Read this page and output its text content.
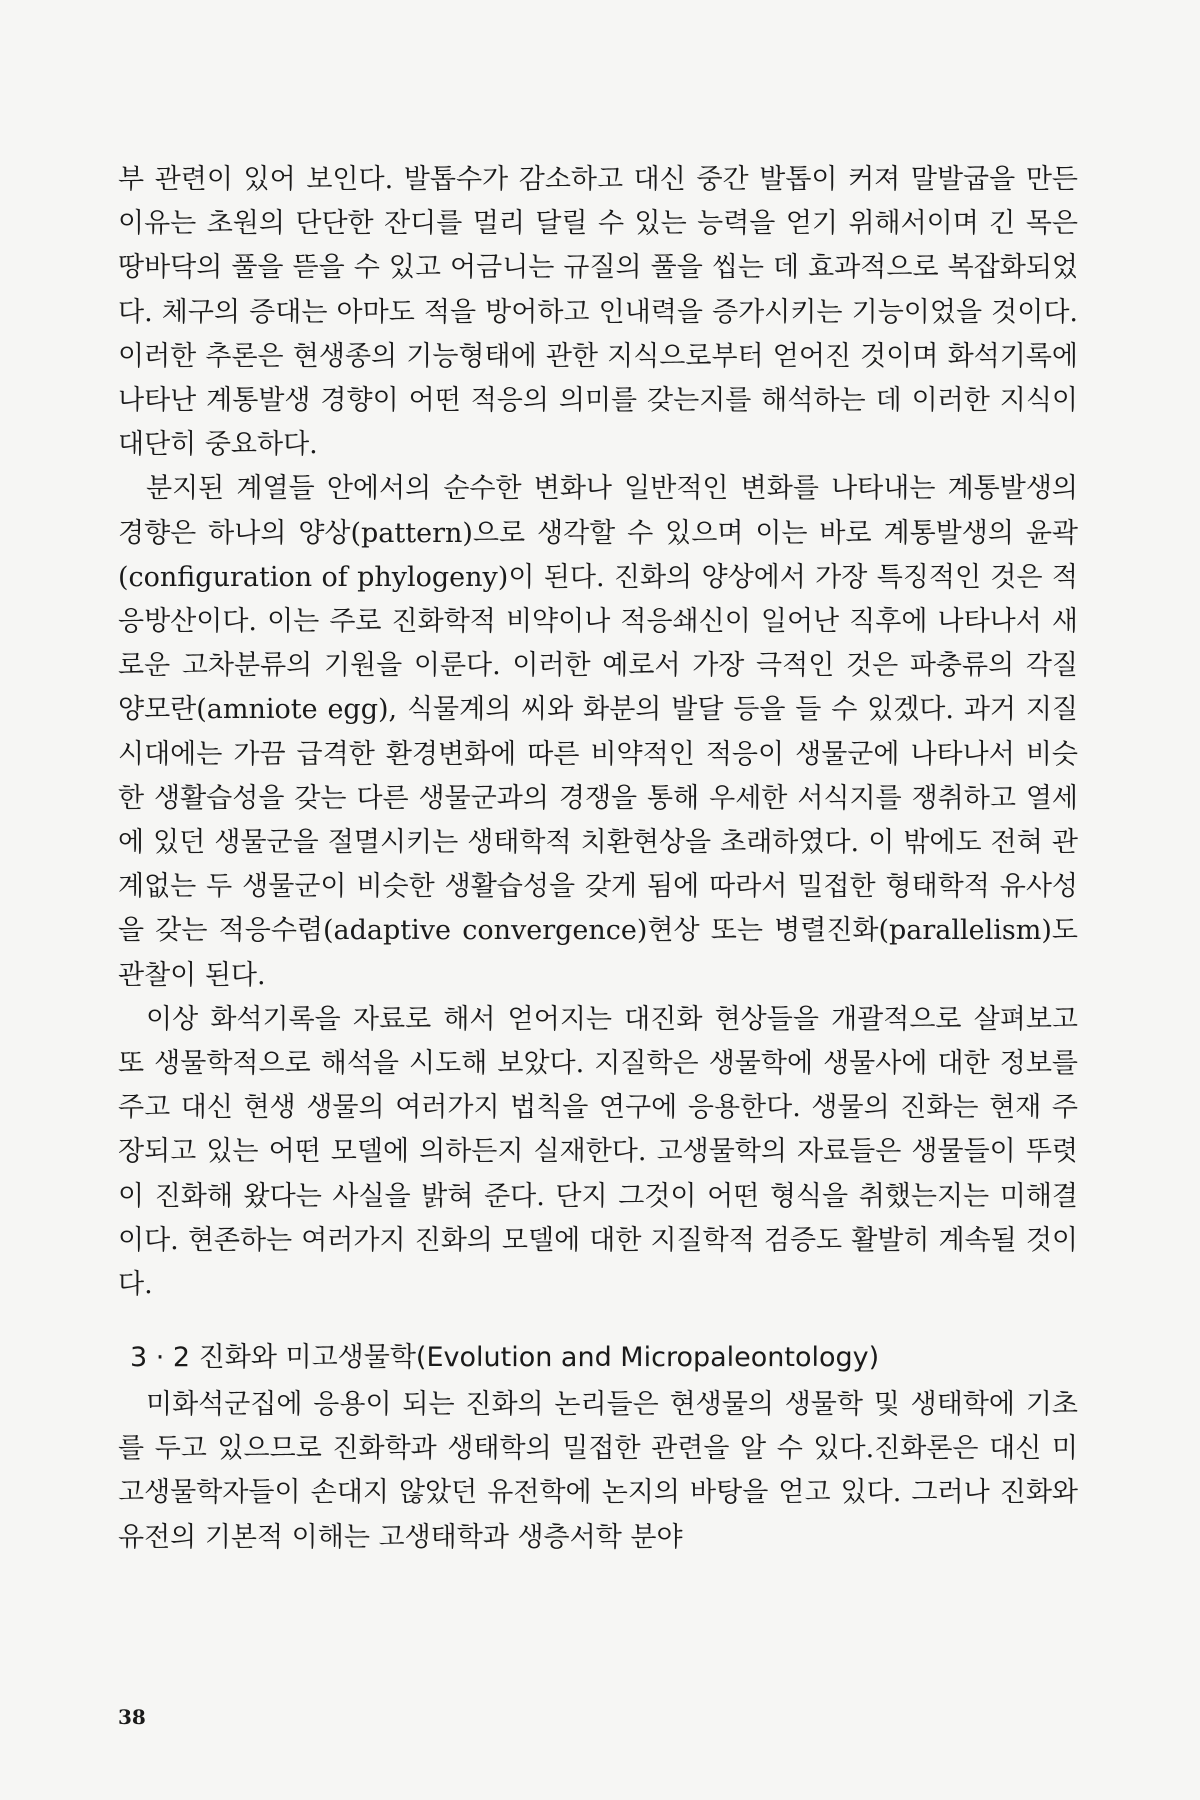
부 관련이 있어 보인다. 발톱수가 감소하고 대신 중간 발톱이 커져 말발굽을 만든 이유는 초원의 단단한 잔디를 멀리 달릴 수 있는 능력을 얻기 위해서이며 긴 목은 땅바닥의 풀을 뜯을 수 있고 어금니는 규질의 풀을 씹는 데 효과적으로 복잡화되었다. 체구의 증대는 아마도 적을 방어하고 인내력을 증가시키는 기능이었을 것이다. 이러한 추론은 현생종의 기능형태에 관한 지식으로부터 얻어진 것이며 화석기록에 나타난 계통발생 경향이 어떤 적응의 의미를 갖는지를 해석하는 데 이러한 지식이 대단히 중요하다.

분지된 계열들 안에서의 순수한 변화나 일반적인 변화를 나타내는 계통발생의 경향은 하나의 양상(pattern)으로 생각할 수 있으며 이는 바로 계통발생의 윤곽(configuration of phylogeny)이 된다. 진화의 양상에서 가장 특징적인 것은 적응방산이다. 이는 주로 진화학적 비약이나 적응쇄신이 일어난 직후에 나타나서 새로운 고차분류의 기원을 이룬다. 이러한 예로서 가장 극적인 것은 파충류의 각질 양모란(amniote egg), 식물계의 씨와 화분의 발달 등을 들 수 있겠다. 과거 지질시대에는 가끔 급격한 환경변화에 따른 비약적인 적응이 생물군에 나타나서 비슷한 생활습성을 갖는 다른 생물군과의 경쟁을 통해 우세한 서식지를 쟁취하고 열세에 있던 생물군을 절멸시키는 생태학적 치환현상을 초래하였다. 이 밖에도 전혀 관계없는 두 생물군이 비슷한 생활습성을 갖게 됨에 따라서 밀접한 형태학적 유사성을 갖는 적응수렴(adaptive convergence)현상 또는 병렬진화(parallelism)도 관찰이 된다.

이상 화석기록을 자료로 해서 얻어지는 대진화 현상들을 개괄적으로 살펴보고 또 생물학적으로 해석을 시도해 보았다. 지질학은 생물학에 생물사에 대한 정보를 주고 대신 현생 생물의 여러가지 법칙을 연구에 응용한다. 생물의 진화는 현재 주장되고 있는 어떤 모델에 의하든지 실재한다. 고생물학의 자료들은 생물들이 뚜렷이 진화해 왔다는 사실을 밝혀 준다. 단지 그것이 어떤 형식을 취했는지는 미해결이다. 현존하는 여러가지 진화의 모델에 대한 지질학적 검증도 활발히 계속될 것이다.

3 · 2 진화와 미고생물학(Evolution and Micropaleontology)

미화석군집에 응용이 되는 진화의 논리들은 현생물의 생물학 및 생태학에 기초를 두고 있으므로 진화학과 생태학의 밀접한 관련을 알 수 있다.진화론은 대신 미고생물학자들이 손대지 않았던 유전학에 논지의 바탕을 얻고 있다. 그러나 진화와 유전의 기본적 이해는 고생태학과 생층서학 분야

38
